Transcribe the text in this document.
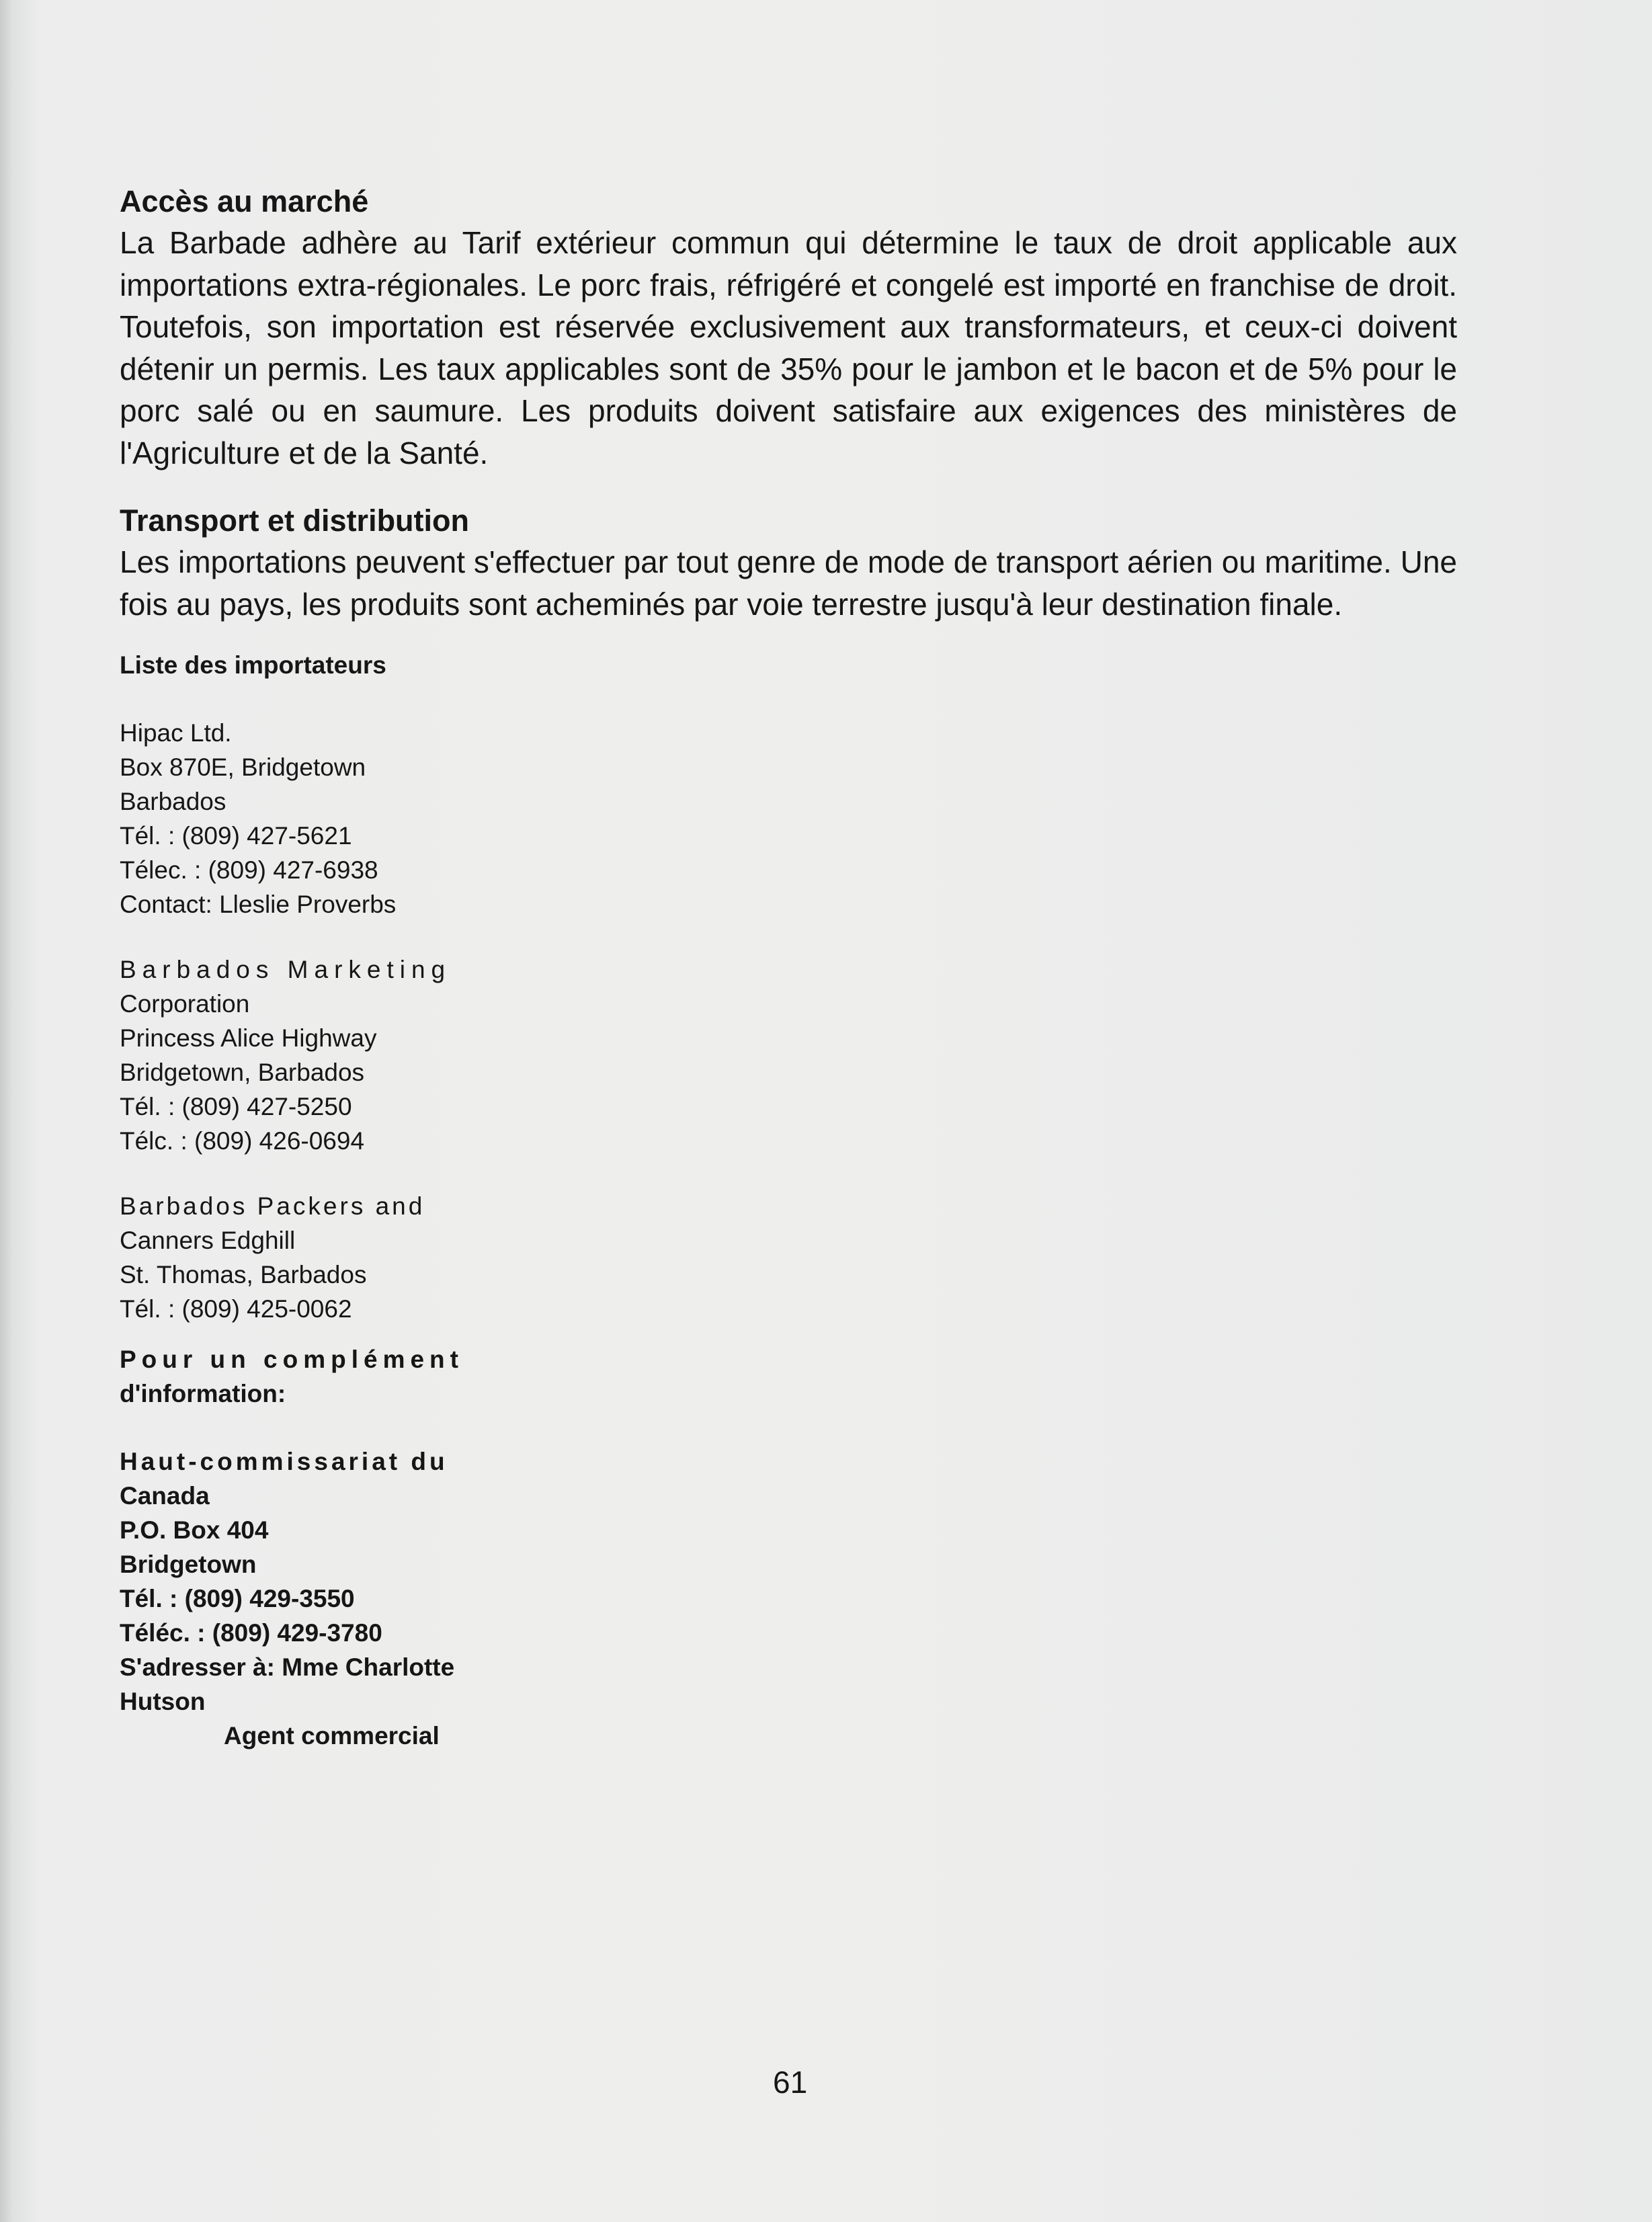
Accès au marché

La Barbade adhère au Tarif extérieur commun qui détermine le taux de droit applicable aux importations extra-régionales. Le porc frais, réfrigéré et congelé est importé en franchise de droit. Toutefois, son importation est réservée exclusivement aux transformateurs, et ceux-ci doivent détenir un permis. Les taux applicables sont de 35% pour le jambon et le bacon et de 5% pour le porc salé ou en saumure. Les produits doivent satisfaire aux exigences des ministères de l'Agriculture et de la Santé.

Transport et distribution

Les importations peuvent s'effectuer par tout genre de mode de transport aérien ou maritime. Une fois au pays, les produits sont acheminés par voie terrestre jusqu'à leur destination finale.

Liste des importateurs
Hipac Ltd.
Box 870E, Bridgetown
Barbados
Tél. : (809) 427-5621
Télec. : (809) 427-6938
Contact: Lleslie Proverbs
Barbados Marketing
Corporation
Princess Alice Highway
Bridgetown, Barbados
Tél. : (809) 427-5250
Télc. : (809) 426-0694
Barbados Packers and
Canners Edghill
St. Thomas, Barbados
Tél. : (809) 425-0062
Pour un complément
d'information:
Haut-commissariat du
Canada
P.O. Box 404
Bridgetown
Tél. : (809) 429-3550
Téléc. : (809) 429-3780
S'adresser à: Mme Charlotte
Hutson
Agent commercial
61
